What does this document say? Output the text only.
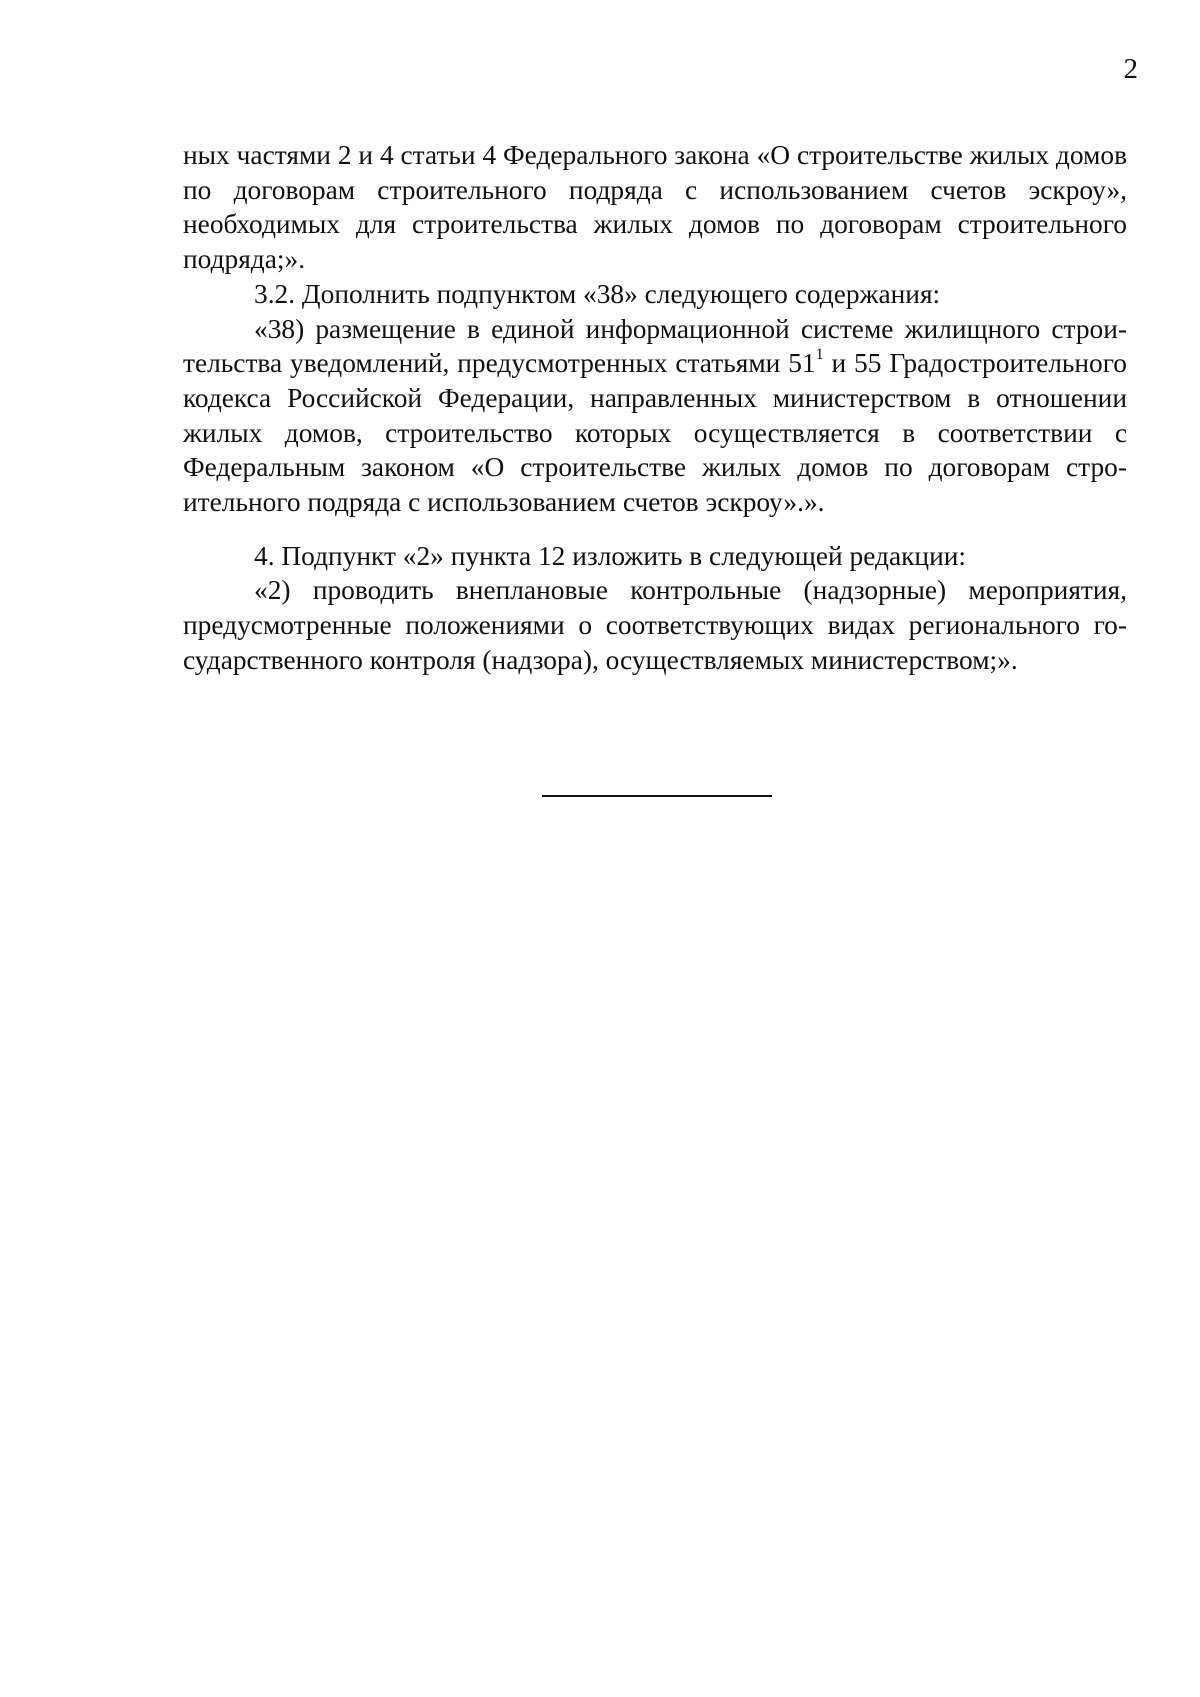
2

ных частями 2 и 4 статьи 4 Федерального закона «О строительстве жилых домов по договорам строительного подряда с использованием счетов эскроу», необходимых для строительства жилых домов по договорам строительного подряда;».

3.2. Дополнить подпунктом «38» следующего содержания:

«38) размещение в единой информационной системе жилищного строительства уведомлений, предусмотренных статьями $51^1$ и 55 Градостроительного кодекса Российской Федерации, направленных министерством в отношении жилых домов, строительство которых осуществляется в соответствии с Федеральным законом «О строительстве жилых домов по договорам строительного подряда с использованием счетов эскроу».».

4. Подпункт «2» пункта 12 изложить в следующей редакции:

«2) проводить внеплановые контрольные (надзорные) мероприятия, предусмотренные положениями о соответствующих видах регионального государственного контроля (надзора), осуществляемых министерством;».
